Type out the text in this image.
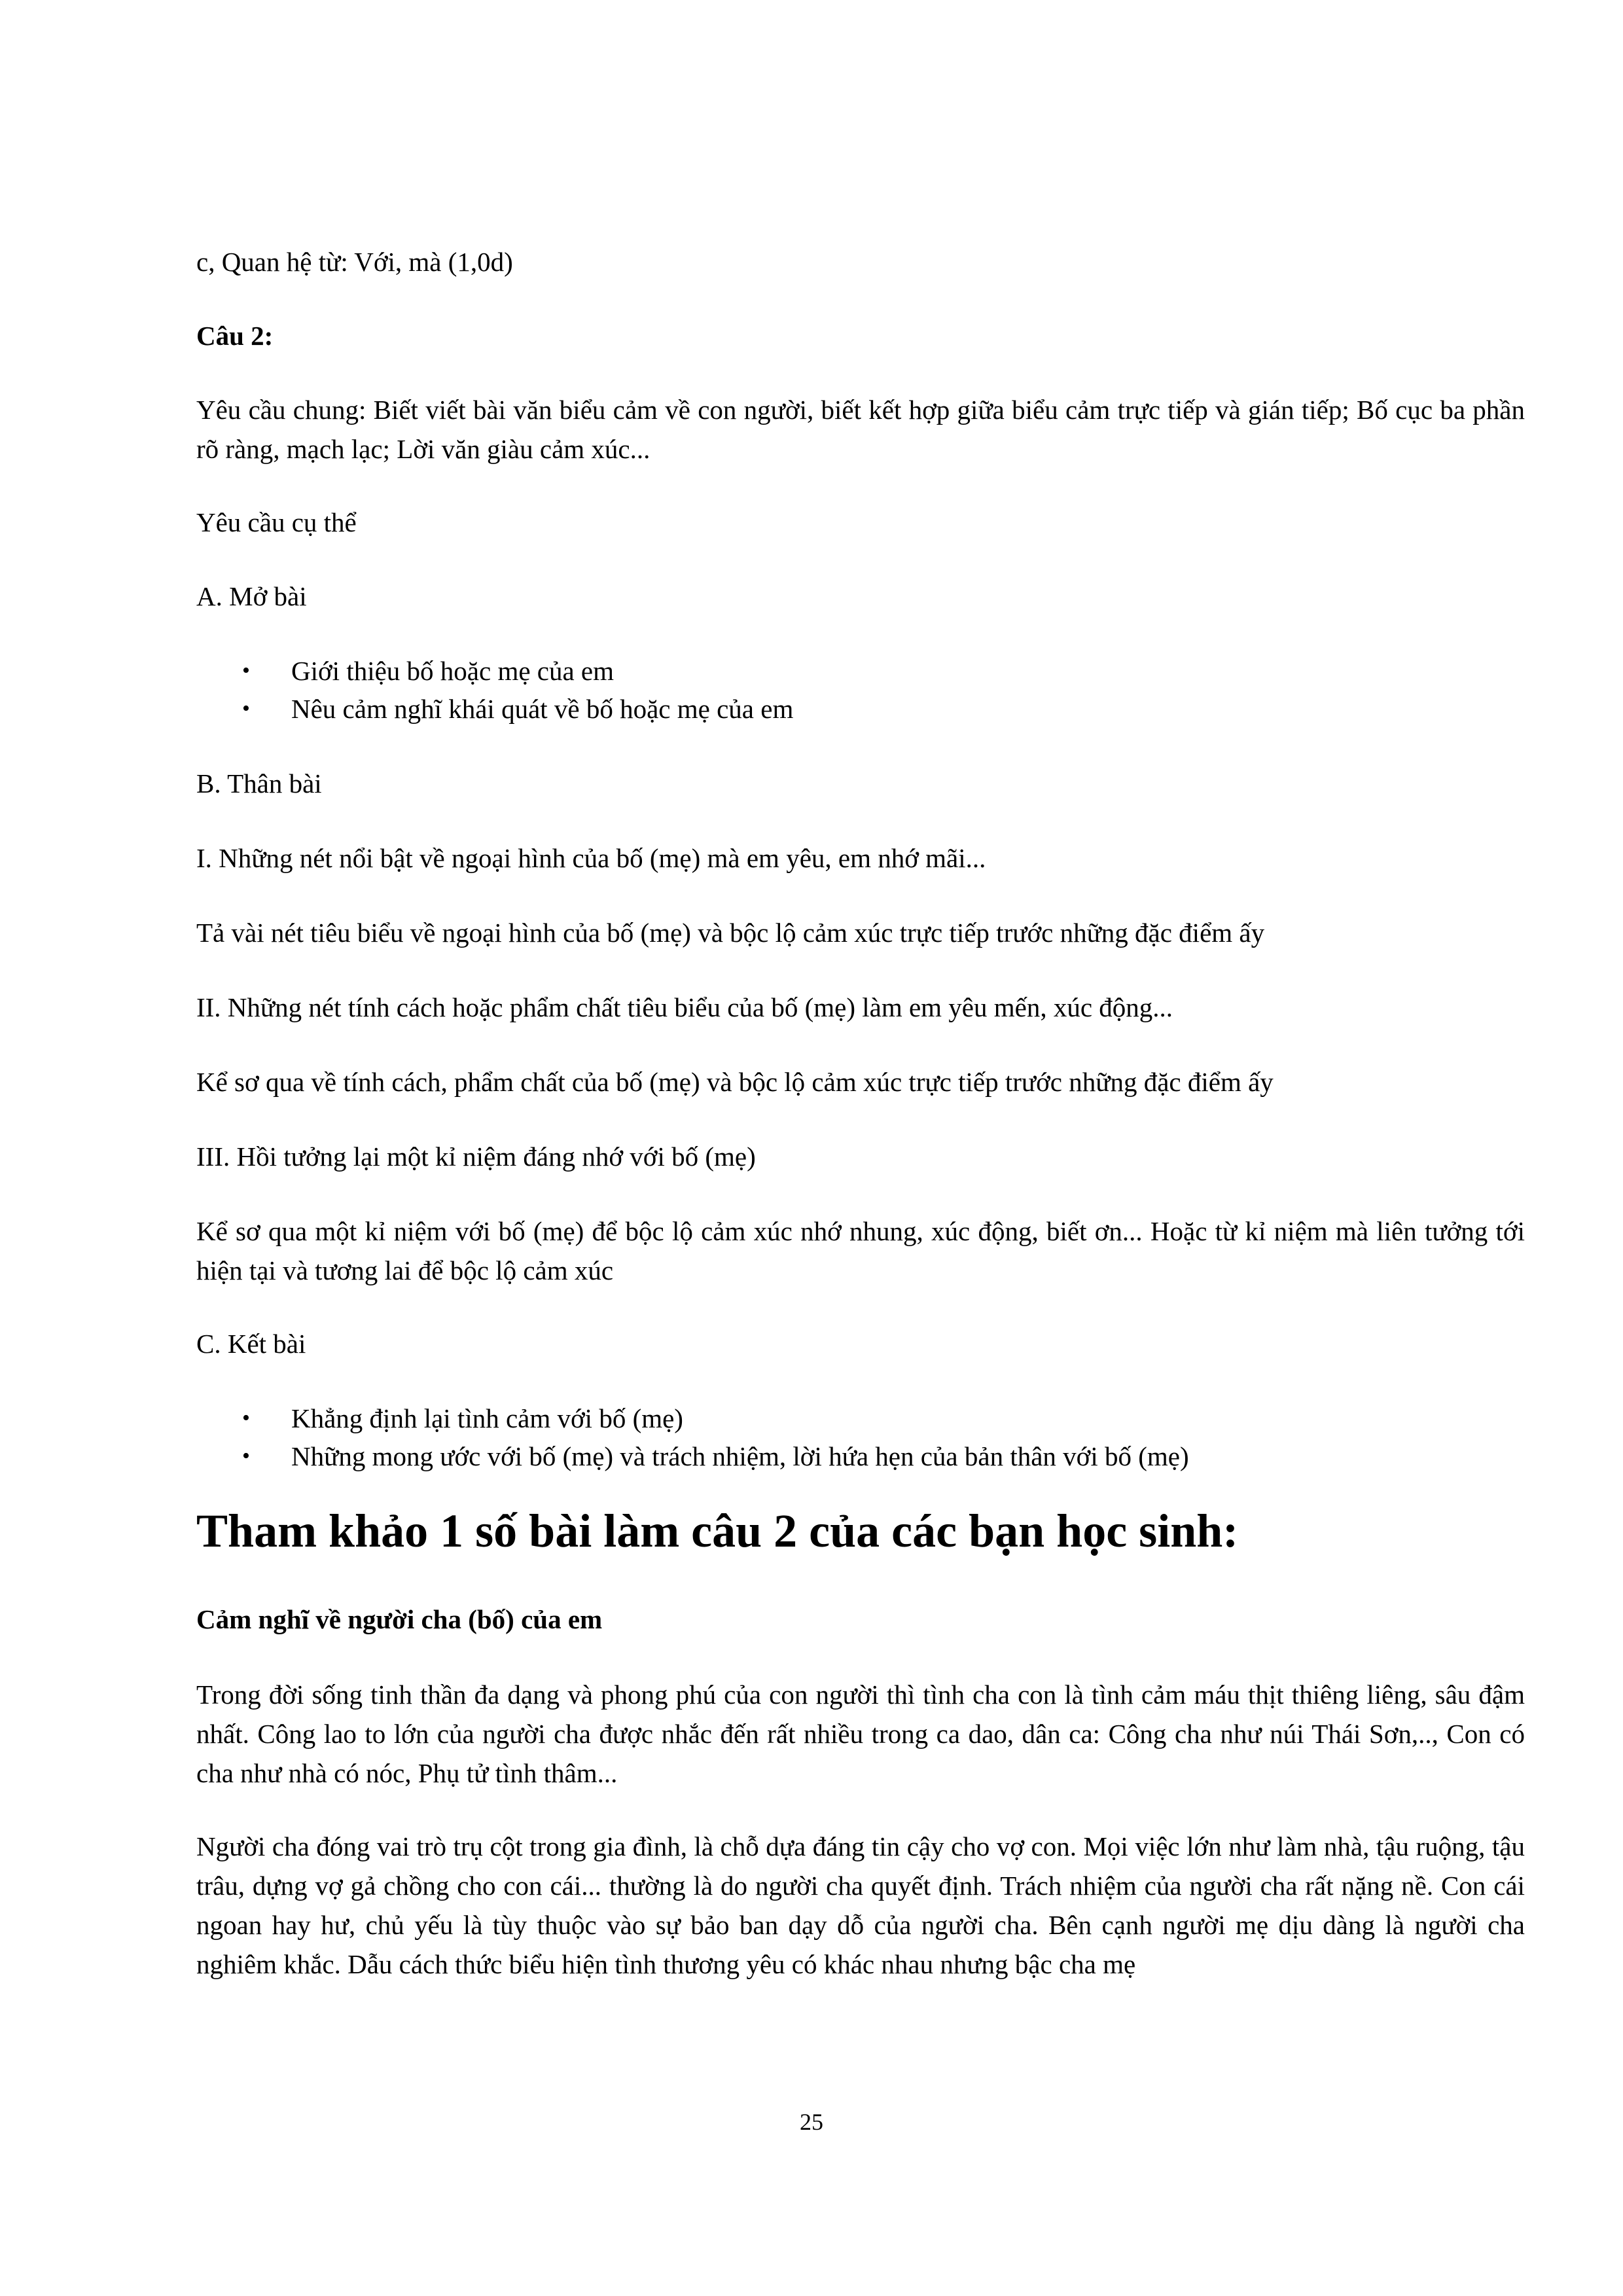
c, Quan hệ từ: Với, mà (1,0d)

Câu 2:

Yêu cầu chung: Biết viết bài văn biểu cảm về con người, biết kết hợp giữa biểu cảm trực tiếp và gián tiếp; Bố cục ba phần rõ ràng, mạch lạc; Lời văn giàu cảm xúc...

Yêu cầu cụ thể

A. Mở bài

• Giới thiệu bố hoặc mẹ của em
• Nêu cảm nghĩ khái quát về bố hoặc mẹ của em

B. Thân bài

I. Những nét nổi bật về ngoại hình của bố (mẹ) mà em yêu, em nhớ mãi...

Tả vài nét tiêu biểu về ngoại hình của bố (mẹ) và bộc lộ cảm xúc trực tiếp trước những đặc điểm ấy

II. Những nét tính cách hoặc phẩm chất tiêu biểu của bố (mẹ) làm em yêu mến, xúc động...

Kể sơ qua về tính cách, phẩm chất của bố (mẹ) và bộc lộ cảm xúc trực tiếp trước những đặc điểm ấy

III. Hồi tưởng lại một kỉ niệm đáng nhớ với bố (mẹ)

Kể sơ qua một kỉ niệm với bố (mẹ) để bộc lộ cảm xúc nhớ nhung, xúc động, biết ơn... Hoặc từ kỉ niệm mà liên tưởng tới hiện tại và tương lai để bộc lộ cảm xúc

C. Kết bài

• Khẳng định lại tình cảm với bố (mẹ)
• Những mong ước với bố (mẹ) và trách nhiệm, lời hứa hẹn của bản thân với bố (mẹ)
Tham khảo 1 số bài làm câu 2 của các bạn học sinh:

Cảm nghĩ về người cha (bố) của em

Trong đời sống tinh thần đa dạng và phong phú của con người thì tình cha con là tình cảm máu thịt thiêng liêng, sâu đậm nhất. Công lao to lớn của người cha được nhắc đến rất nhiều trong ca dao, dân ca: Công cha như núi Thái Sơn,.., Con có cha như nhà có nóc, Phụ tử tình thâm...

Người cha đóng vai trò trụ cột trong gia đình, là chỗ dựa đáng tin cậy cho vợ con. Mọi việc lớn như làm nhà, tậu ruộng, tậu trâu, dựng vợ gả chồng cho con cái... thường là do người cha quyết định. Trách nhiệm của người cha rất nặng nề. Con cái ngoan hay hư, chủ yếu là tùy thuộc vào sự bảo ban dạy dỗ của người cha. Bên cạnh người mẹ dịu dàng là người cha nghiêm khắc. Dẫu cách thức biểu hiện tình thương yêu có khác nhau nhưng bậc cha mẹ

25
